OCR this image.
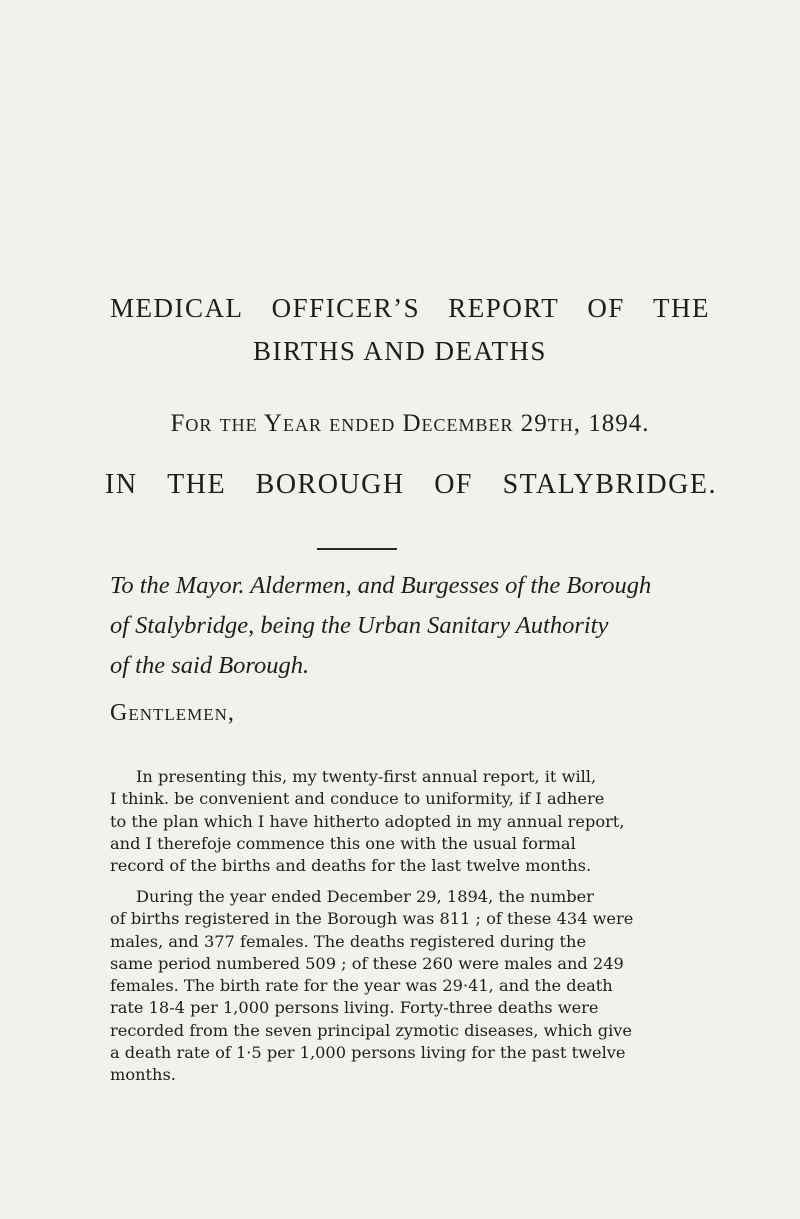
MEDICAL OFFICER’S REPORT OF THE
BIRTHS AND DEATHS
For the Year ended December 29th, 1894.
IN THE BOROUGH OF STALYBRIDGE.
To the Mayor. Aldermen, and Burgesses of the Borough
of Stalybridge, being the Urban Sanitary Authority
of the said Borough.
Gentlemen,
In presenting this, my twenty-first annual report, it will,
I think. be convenient and conduce to uniformity, if I adhere
to the plan which I have hitherto adopted in my annual report,
and I therefoje commence this one with the usual formal
record of the births and deaths for the last twelve months.
During the year ended December 29, 1894, the number
of births registered in the Borough was 811 ; of these 434 were
males, and 377 females. The deaths registered during the
same period numbered 509 ; of these 260 were males and 249
females. The birth rate for the year was 29·41, and the death
rate 18-4 per 1,000 persons living. Forty-three deaths were
recorded from the seven principal zymotic diseases, which give
a death rate of 1·5 per 1,000 persons living for the past twelve
months.
